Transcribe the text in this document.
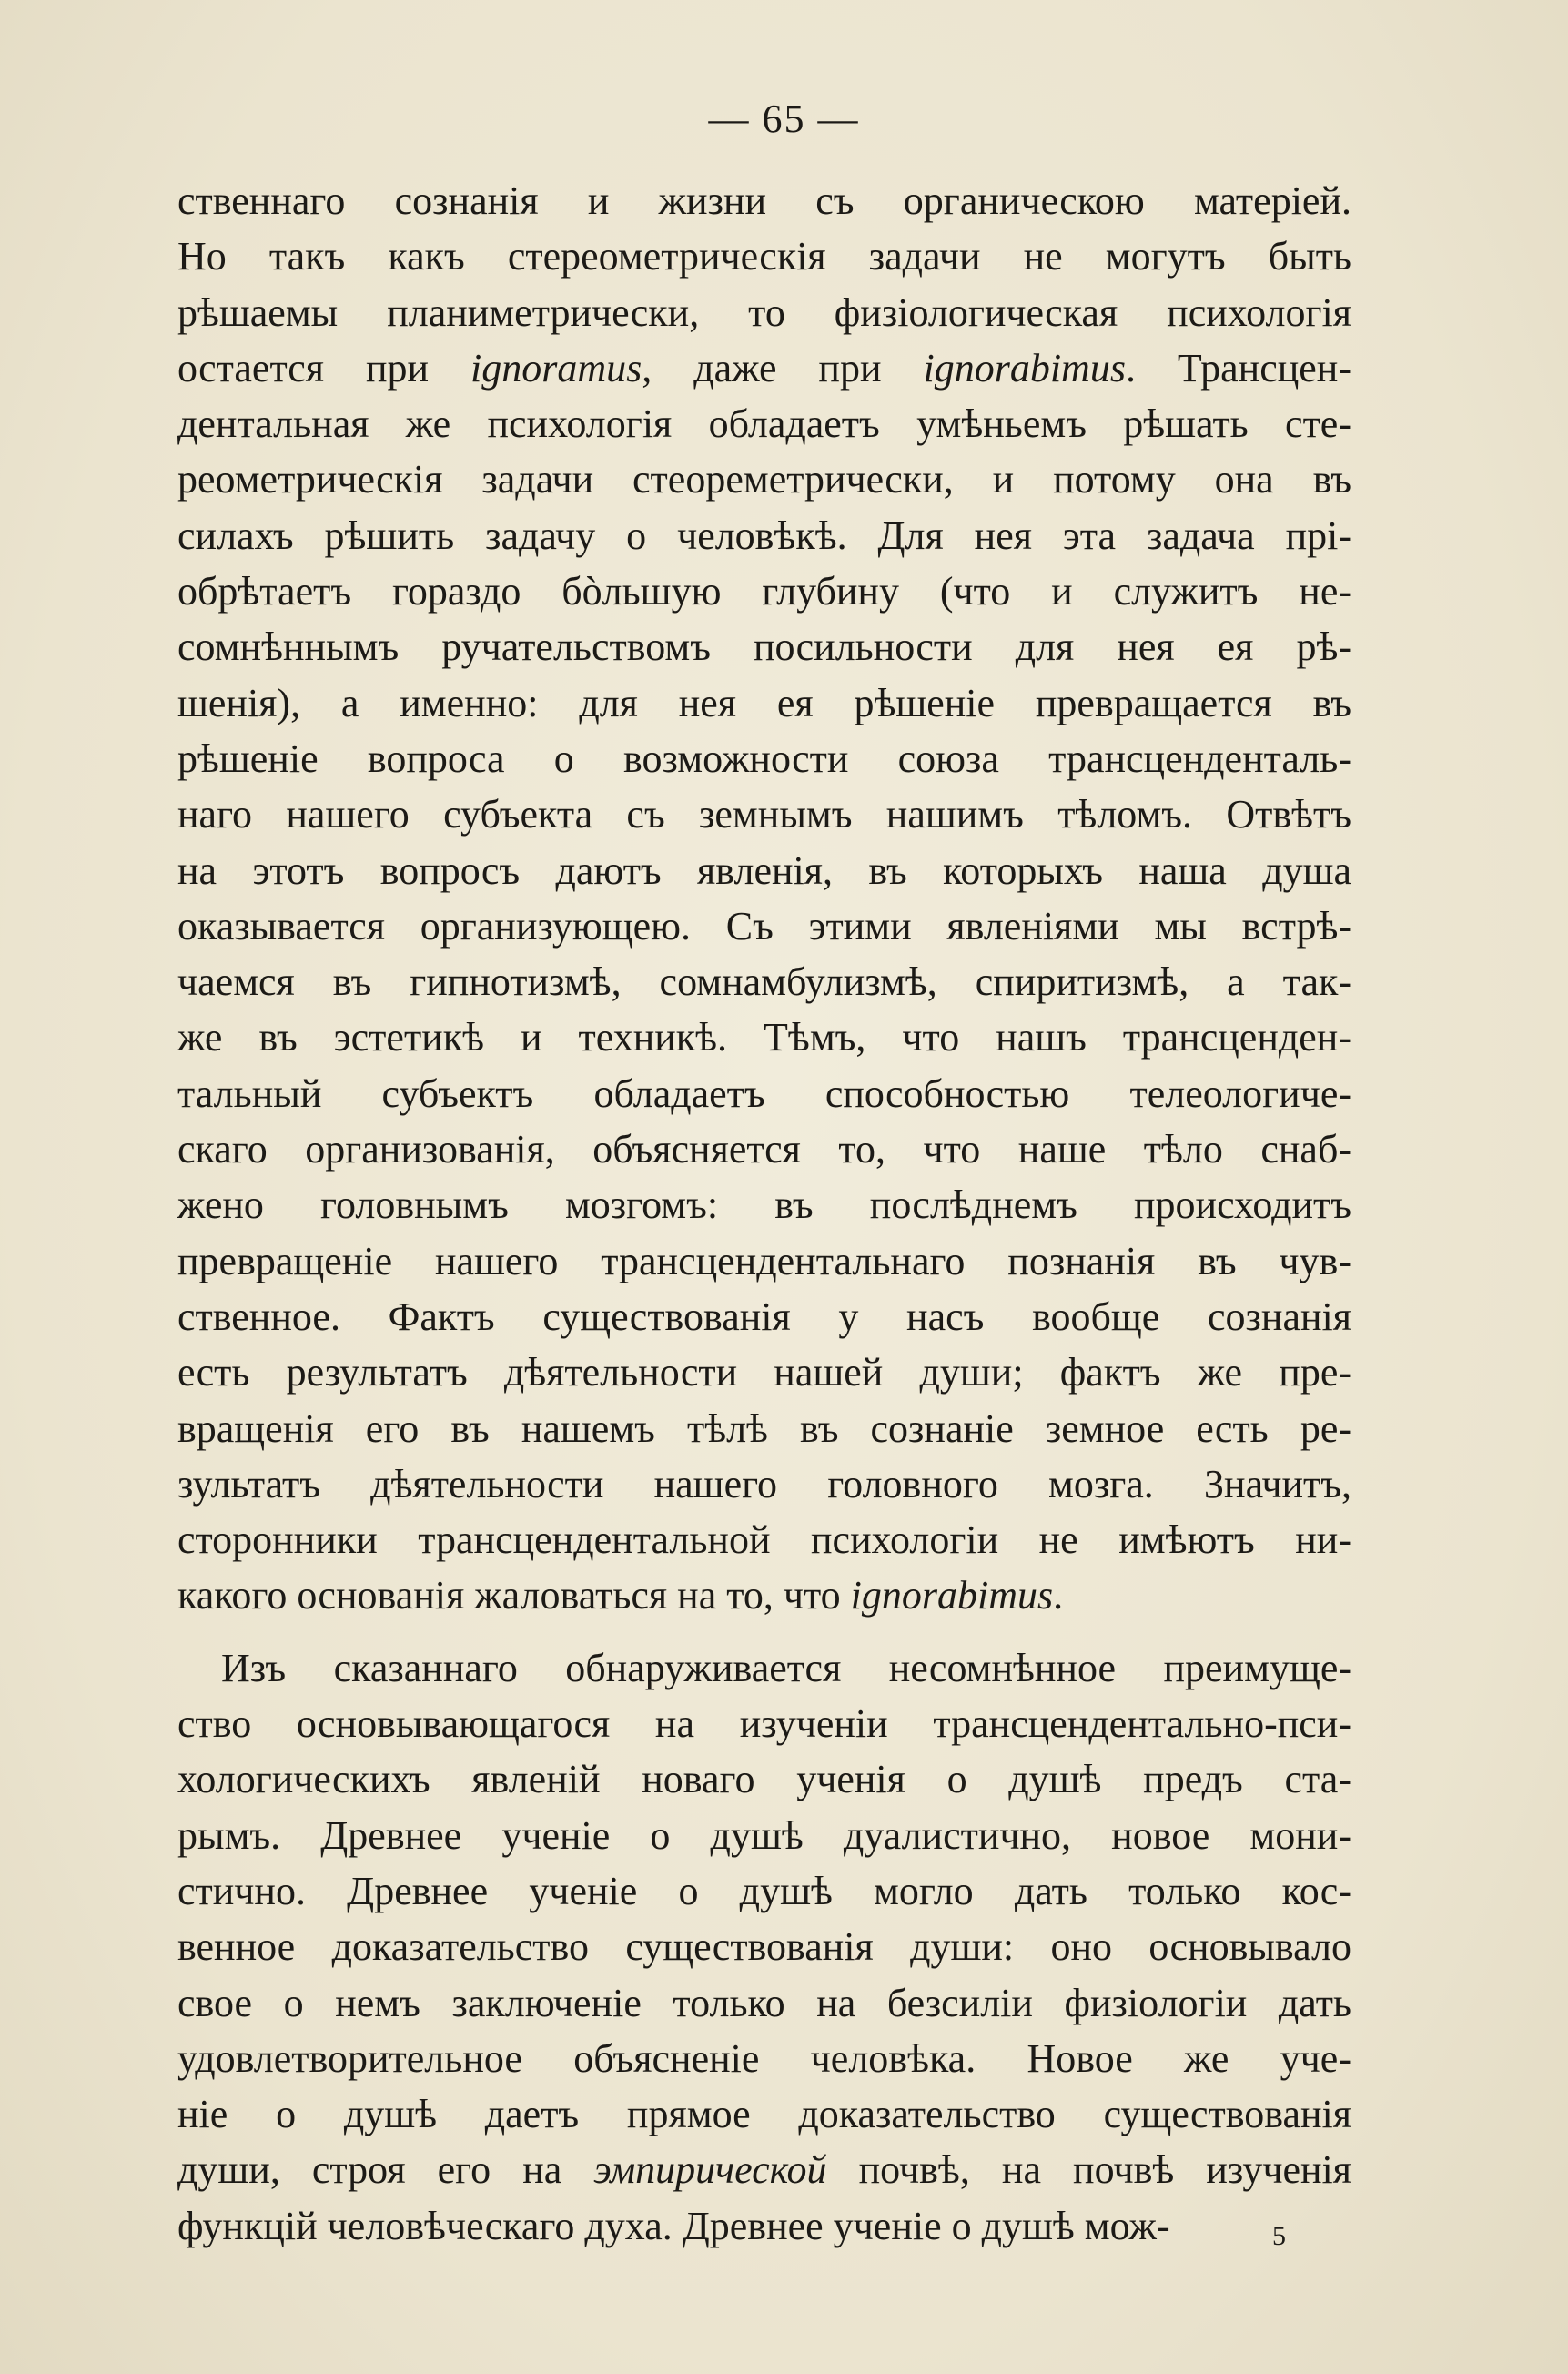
— 65 —
ственнаго сознанія и жизни съ органическою матеріей.
Но такъ какъ стереометрическія задачи не могутъ быть
рѣшаемы планиметрически, то физіологическая психологія
остается при ignoramus, даже при ignorabimus. Трансцен-
дентальная же психологія обладаетъ умѣньемъ рѣшать сте-
реометрическія задачи стеореметрически, и потому она въ
силахъ рѣшить задачу о человѣкѣ. Для нея эта задача прі-
обрѣтаетъ гораздо бòльшую глубину (что и служитъ не-
сомнѣннымъ ручательствомъ посильности для нея ея рѣ-
шенія), а именно: для нея ея рѣшеніе превращается въ
рѣшеніе вопроса о возможности союза трансценденталь-
наго нашего субъекта съ земнымъ нашимъ тѣломъ. Отвѣтъ
на этотъ вопросъ даютъ явленія, въ которыхъ наша душа
оказывается организующею. Съ этими явленіями мы встрѣ-
чаемся въ гипнотизмѣ, сомнамбулизмѣ, спиритизмѣ, а так-
же въ эстетикѣ и техникѣ. Тѣмъ, что нашъ трансценден-
тальный субъектъ обладаетъ способностью телеологиче-
скаго организованія, объясняется то, что наше тѣло снаб-
жено головнымъ мозгомъ: въ послѣднемъ происходитъ
превращеніе нашего трансцендентальнаго познанія въ чув-
ственное. Фактъ существованія у насъ вообще сознанія
есть результатъ дѣятельности нашей души; фактъ же пре-
вращенія его въ нашемъ тѣлѣ въ сознаніе земное есть ре-
зультатъ дѣятельности нашего головного мозга. Значитъ,
сторонники трансцендентальной психологіи не имѣютъ ни-
какого основанія жаловаться на то, что ignorabimus.
Изъ сказаннаго обнаруживается несомнѣнное преимуще-
ство основывающагося на изученіи трансцендентально-пси-
хологическихъ явленій новаго ученія о душѣ предъ ста-
рымъ. Древнее ученіе о душѣ дуалистично, новое мони-
стично. Древнее ученіе о душѣ могло дать только кос-
венное доказательство существованія души: оно основывало
свое о немъ заключеніе только на безсиліи физіологіи дать
удовлетворительное объясненіе человѣка. Новое же уче-
ніе о душѣ даетъ прямое доказательство существованія
души, строя его на эмпирической почвѣ, на почвѣ изученія
функцій человѣческаго духа. Древнее ученіе о душѣ мож-	5
